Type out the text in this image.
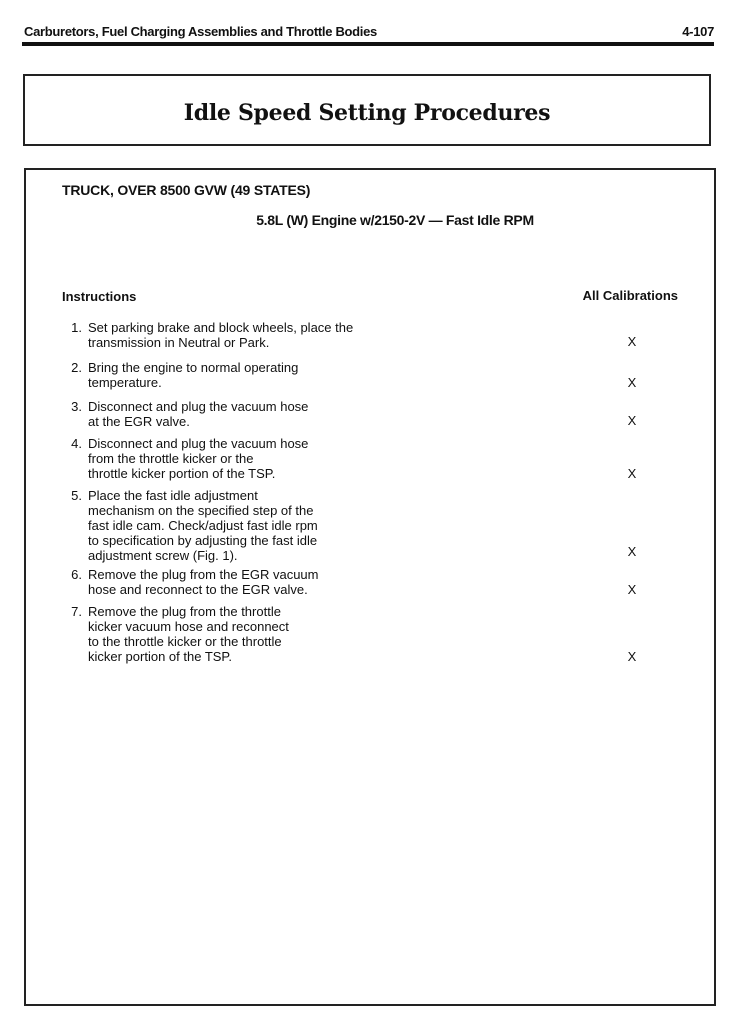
Carburetors, Fuel Charging Assemblies and Throttle Bodies	4-107
Idle Speed Setting Procedures
TRUCK, OVER 8500 GVW (49 STATES)
5.8L (W) Engine w/2150-2V — Fast Idle RPM
Instructions	All Calibrations
1. Set parking brake and block wheels, place the
transmission in Neutral or Park.	X
2. Bring the engine to normal operating
temperature.	X
3. Disconnect and plug the vacuum hose
at the EGR valve.	X
4. Disconnect and plug the vacuum hose
from the throttle kicker or the
throttle kicker portion of the TSP.	X
5. Place the fast idle adjustment
mechanism on the specified step of the
fast idle cam. Check/adjust fast idle rpm
to specification by adjusting the fast idle
adjustment screw (Fig. 1).	X
6. Remove the plug from the EGR vacuum
hose and reconnect to the EGR valve.	X
7. Remove the plug from the throttle
kicker vacuum hose and reconnect
to the throttle kicker or the throttle
kicker portion of the TSP.	X
